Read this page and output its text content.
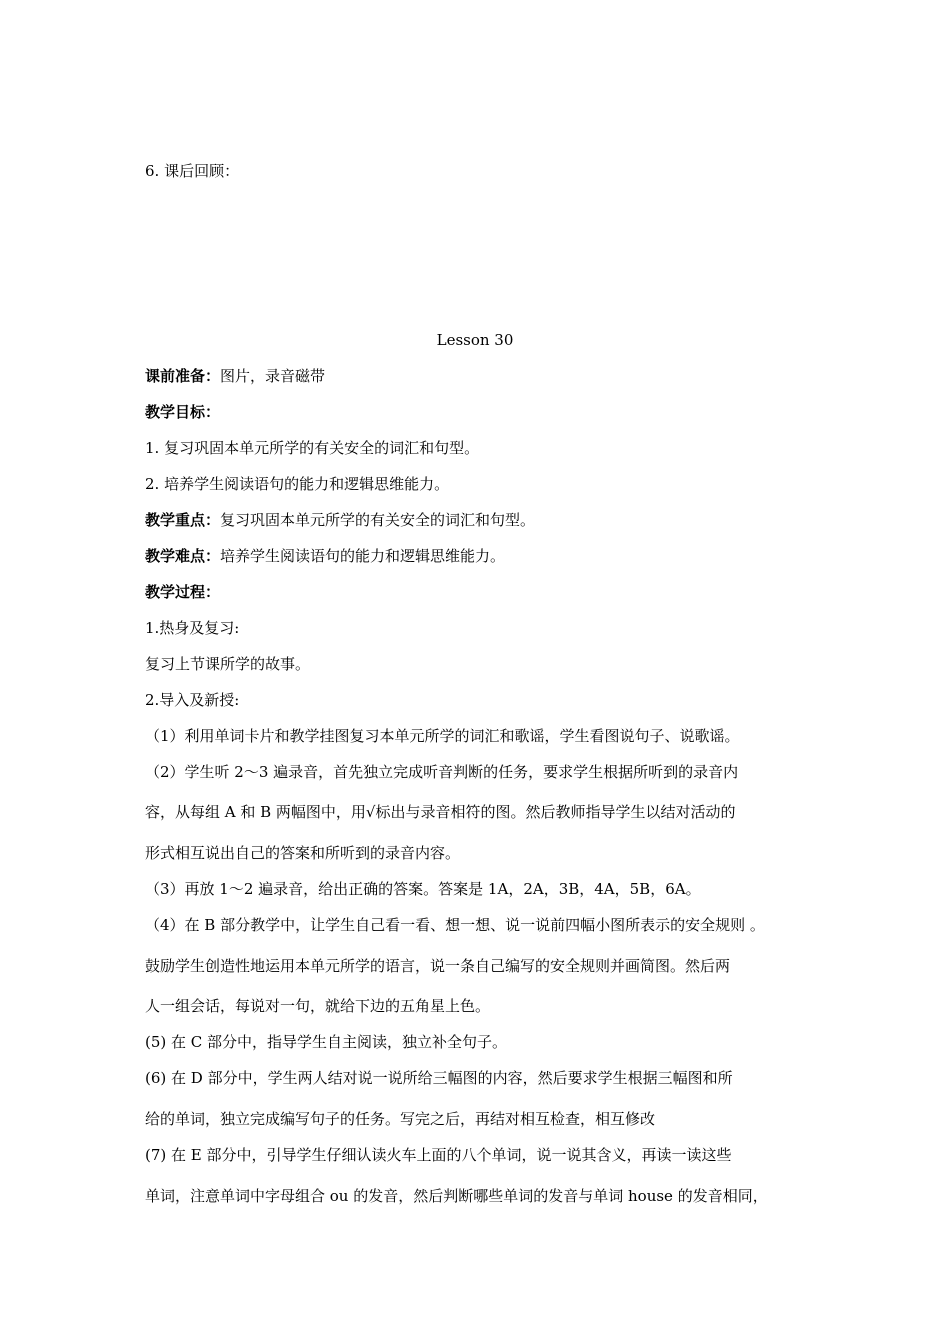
6. 课后回顾：
Lesson 30
课前准备：图片，录音磁带
教学目标：
1. 复习巩固本单元所学的有关安全的词汇和句型。
2. 培养学生阅读语句的能力和逻辑思维能力。
教学重点：复习巩固本单元所学的有关安全的词汇和句型。
教学难点：培养学生阅读语句的能力和逻辑思维能力。
教学过程：
1.热身及复习:
复习上节课所学的故事。
2.导入及新授:
（1）利用单词卡片和教学挂图复习本单元所学的词汇和歌谣，学生看图说句子、说歌谣。
（2）学生听 2～3 遍录音，首先独立完成听音判断的任务，要求学生根据所听到的录音内
容，从每组 A 和 B 两幅图中，用√标出与录音相符的图。然后教师指导学生以结对活动的
形式相互说出自己的答案和所听到的录音内容。
（3）再放 1～2 遍录音，给出正确的答案。答案是 1A，2A，3B，4A，5B，6A。
（4）在 B 部分教学中，让学生自己看一看、想一想、说一说前四幅小图所表示的安全规则 。
鼓励学生创造性地运用本单元所学的语言，说一条自己编写的安全规则并画简图。然后两
人一组会话，每说对一句，就给下边的五角星上色。
(5) 在 C 部分中，指导学生自主阅读，独立补全句子。
(6) 在 D 部分中，学生两人结对说一说所给三幅图的内容，然后要求学生根据三幅图和所
给的单词，独立完成编写句子的任务。写完之后，再结对相互检查，相互修改
(7) 在 E 部分中，引导学生仔细认读火车上面的八个单词，说一说其含义，再读一读这些
单词，注意单词中字母组合 ou 的发音，然后判断哪些单词的发音与单词 house 的发音相同，
